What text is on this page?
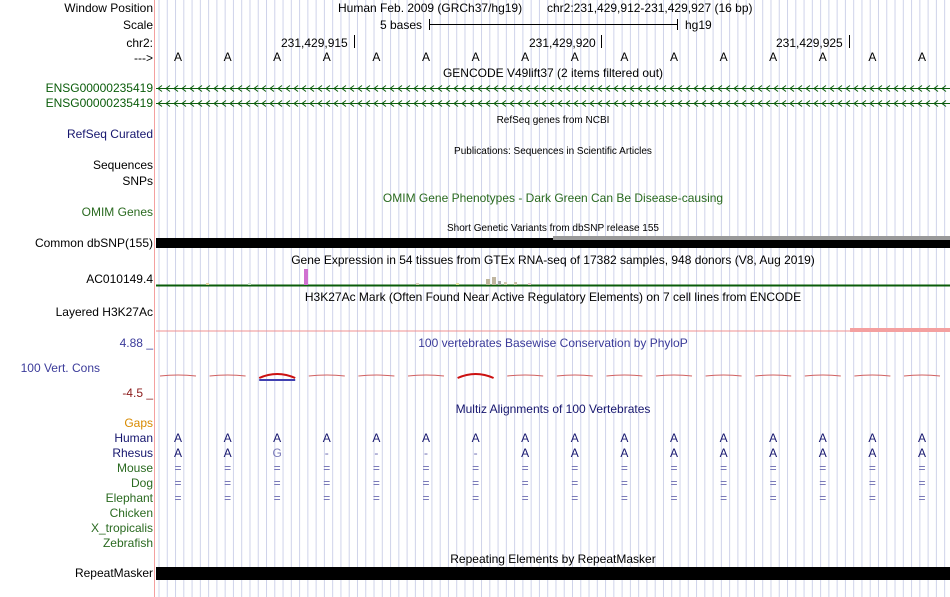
Window Position
Scale
chr2:
--->
ENSG00000235419
ENSG00000235419
RefSeq Curated
Sequences
SNPs
OMIM Genes
Common dbSNP(155)
AC010149.4
Layered H3K27Ac
4.88 _
100 Vert. Cons
-4.5 _
Gaps
Human
Rhesus
Mouse
Dog
Elephant
Chicken
X_tropicalis
Zebrafish
RepeatMasker
Human Feb. 2009 (GRCh37/hg19) chr2:231,429,912-231,429,927 (16 bp)
5 bases	hg19
231,429,915	231,429,920	231,429,925
A	A	A	A	A	A	A	A	A	A	A	A	A	A	A	A
GENCODE V49lift37 (2 items filtered out)
RefSeq genes from NCBI
Publications: Sequences in Scientific Articles
OMIM Gene Phenotypes - Dark Green Can Be Disease-causing
Short Genetic Variants from dbSNP release 155
Gene Expression in 54 tissues from GTEx RNA-seq of 17382 samples, 948 donors (V8, Aug 2019)
H3K27Ac Mark (Often Found Near Active Regulatory Elements) on 7 cell lines from ENCODE
100 vertebrates Basewise Conservation by PhyloP
Multiz Alignments of 100 Vertebrates
Repeating Elements by RepeatMasker
A	A	A	A	A	A	A	A	A	A	A	A	A	A	A	A
A	A	G	-	-	-	-	A	A	A	A	A	A	A	A	A
=	=	=	=	=	=	=	=	=	=	=	=	=	=	=	=
=	=	=	=	=	=	=	=	=	=	=	=	=	=	=	=
=	=	=	=	=	=	=	=	=	=	=	=	=	=	=	=
